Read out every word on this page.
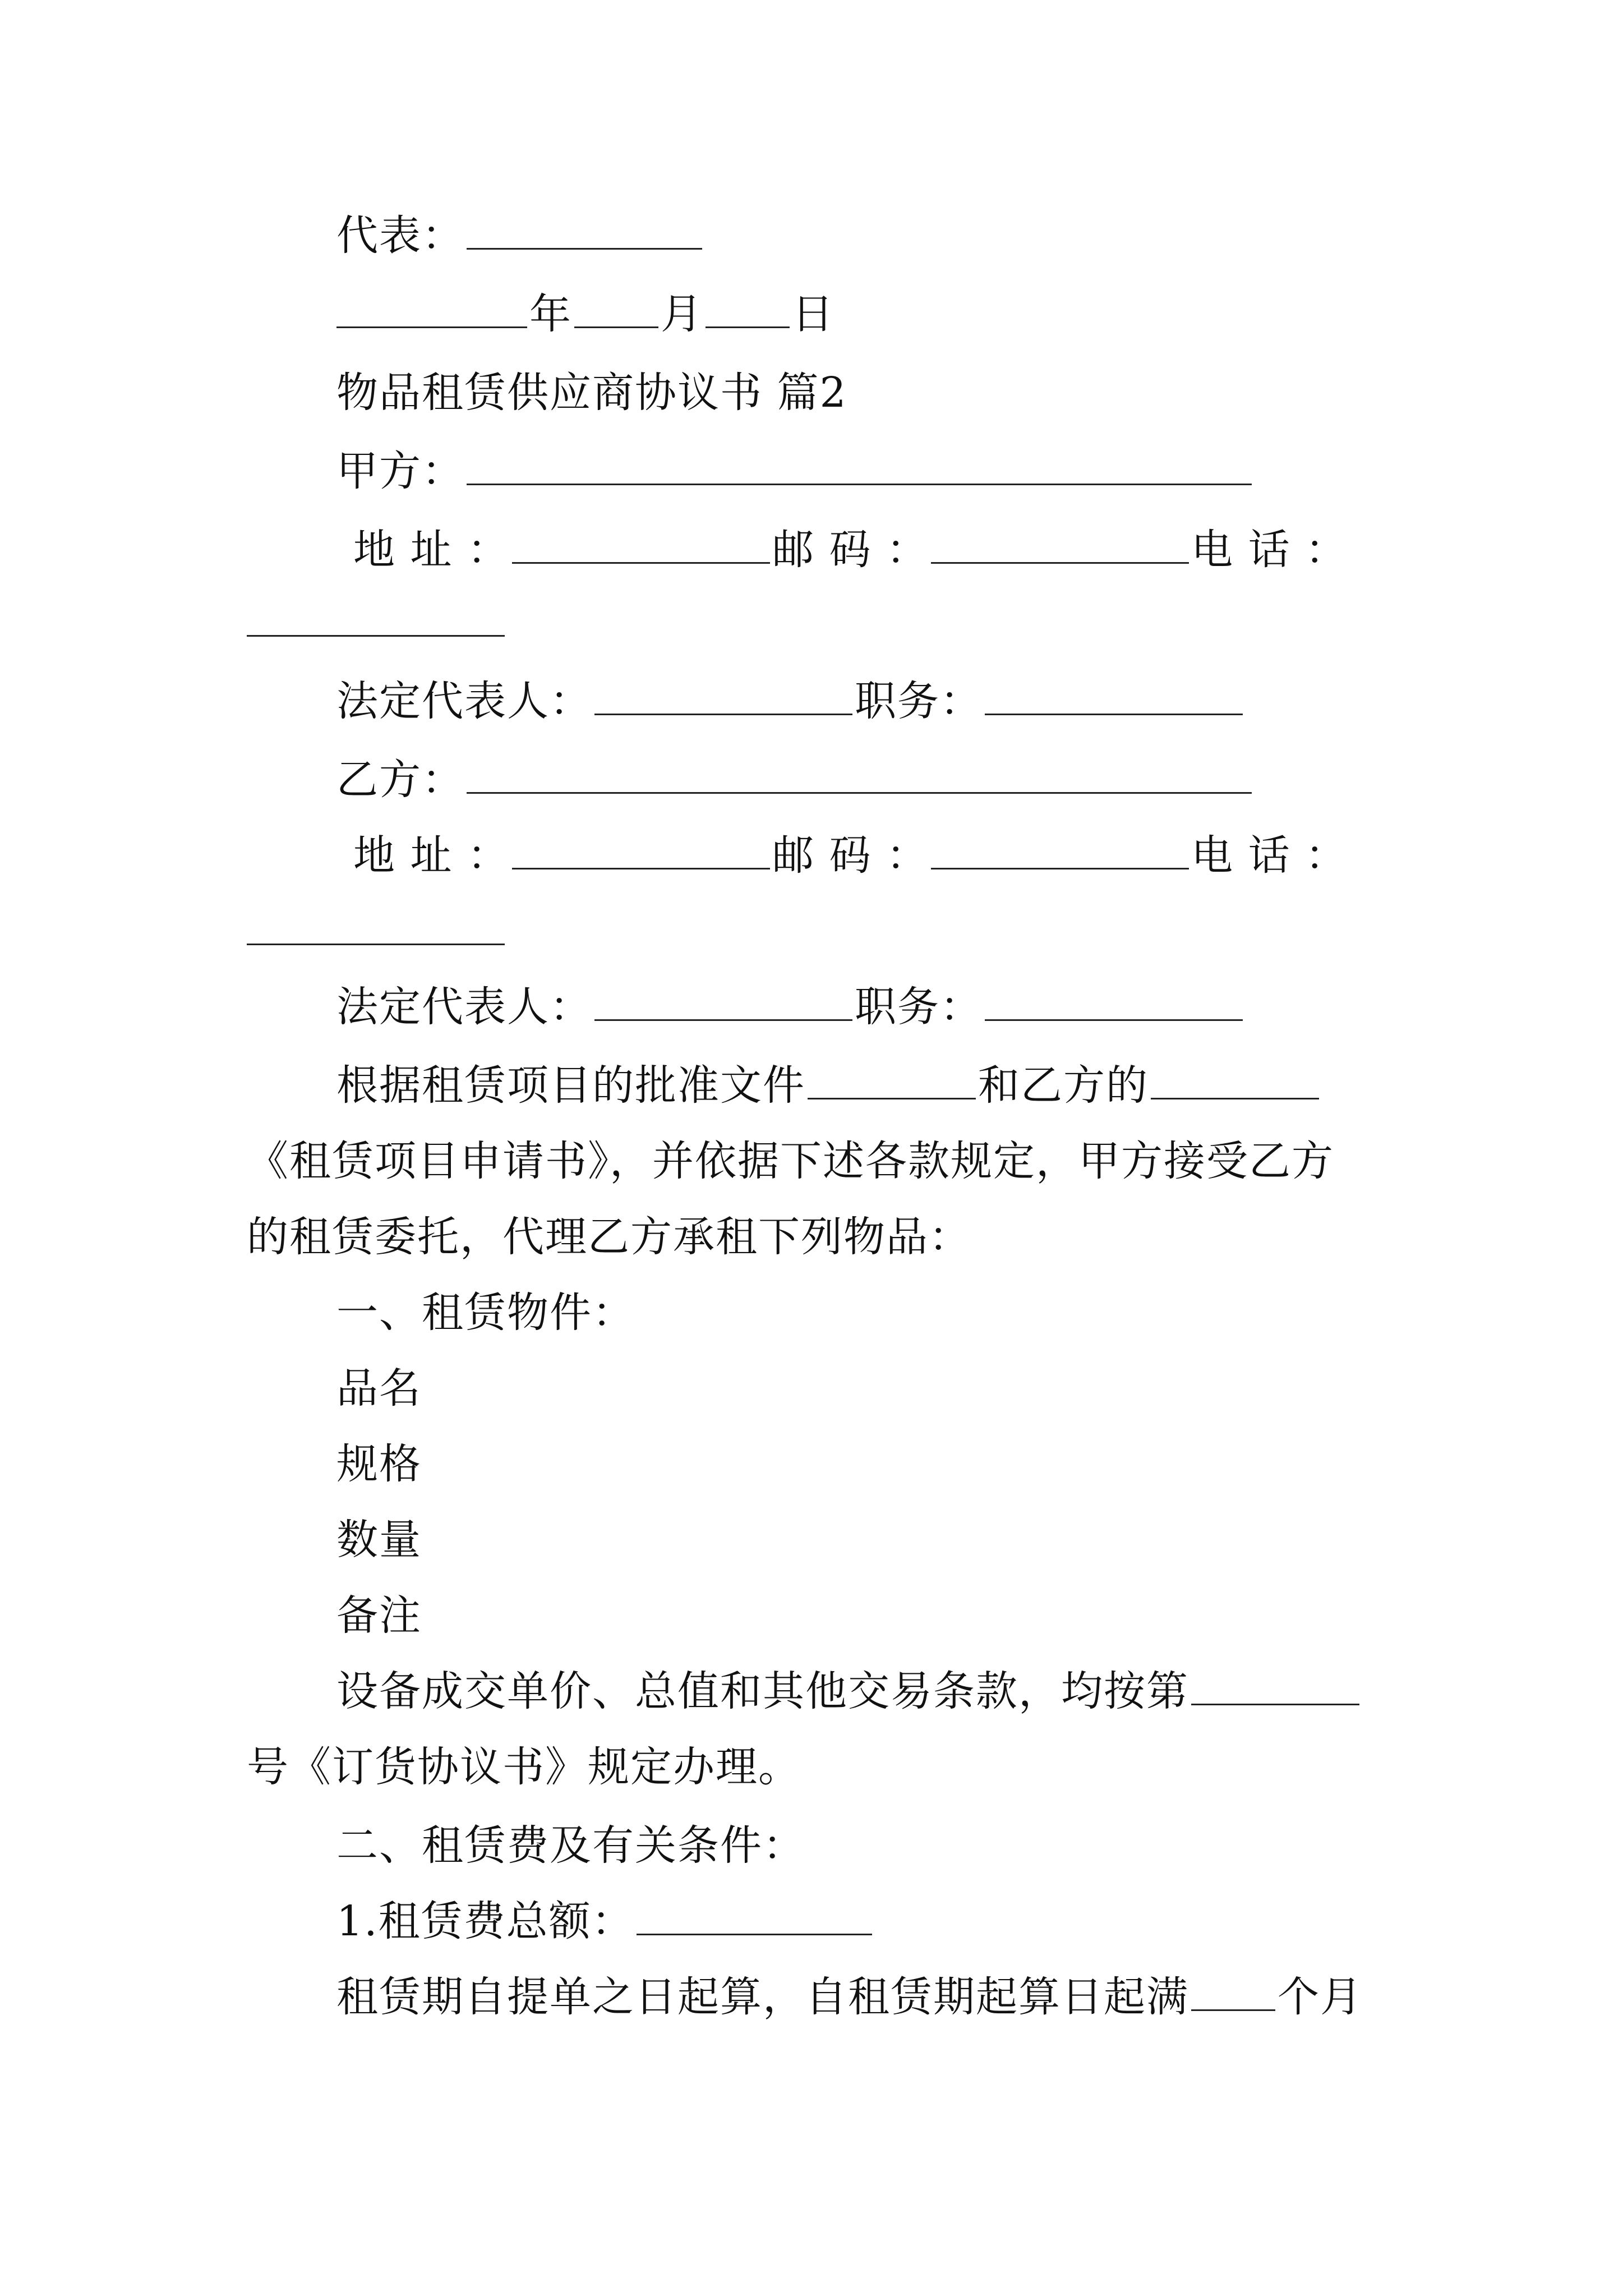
代表：
年 月 日
物品租赁供应商协议书 篇2
甲方：
地 址 ：	邮 码 ：	电 话 ：
法定代表人：	职务：
乙方：
地 址 ：	邮 码 ：	电 话 ：
法定代表人：	职务：
根据租赁项目的批准文件	和乙方的
《租赁项目申请书》，并依据下述各款规定，甲方接受乙方
的租赁委托，代理乙方承租下列物品：
一、租赁物件：
品名
规格
数量
备注
设备成交单价、总值和其他交易条款，均按第
号《订货协议书》规定办理。
二、租赁费及有关条件：
1.租赁费总额：
租赁期自提单之日起算，自租赁期起算日起满 个月
